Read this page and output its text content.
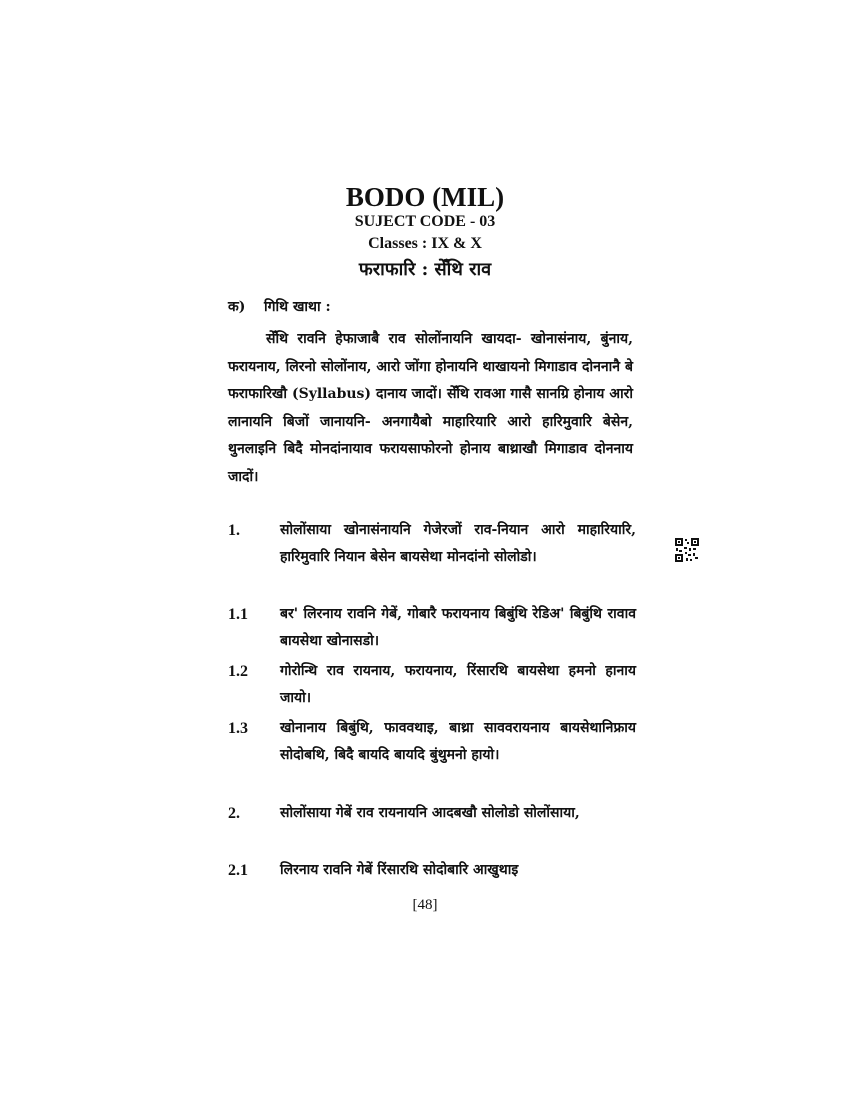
BODO (MIL)
SUJECT CODE - 03
Classes : IX & X
फराफारि : सेँथि राव
क) गिथि खाथा :
सेँथि रावनि हेफाजाबै राव सोलोंनायनि खायदा- खोनासंनाय, बुंनाय, फरायनाय, लिरनो सोलोंनाय, आरो जोंगा होनायनि थाखायनो मिगाडाव दोननानै बे फराफारिखौ (Syllabus) दानाय जादों। सेँथि रावआ गासै सानग्रि होनाय आरो लानायनि बिजों जानायनि- अनगायैबो माहारियारि आरो हारिमुवारि बेसेन, थुनलाइनि बिदै मोनदांनायाव फरायसाफोरनो होनाय बाथ्राखौ मिगाडाव दोननाय जादों।
1.	सोलोंसाया खोनासंनायनि गेजेरजों राव-नियान आरो माहारियारि, हारिमुवारि नियान बेसेन बायसेथा मोनदांनो सोलोडो।
1.1	बर' लिरनाय रावनि गेबें, गोबारै फरायनाय बिबुंथि रेडिअ' बिबुंथि रावाव बायसेथा खोनासडो।
1.2	गोरोन्थि राव रायनाय, फरायनाय, रिंसारथि बायसेथा हमनो हानाय जायो।
1.3	खोनानाय बिबुंथि, फाववथाइ, बाथ्रा साववरायनाय बायसेथानिफ्राय सोदोबथि, बिदै बायदि बायदि बुंथुमनो हायो।
2.	सोलोंसाया गेबें राव रायनायनि आदबखौ सोलोडो सोलोंसाया,
2.1	लिरनाय रावनि गेबें रिंसारथि सोदोबारि आखुथाइ
[48]
